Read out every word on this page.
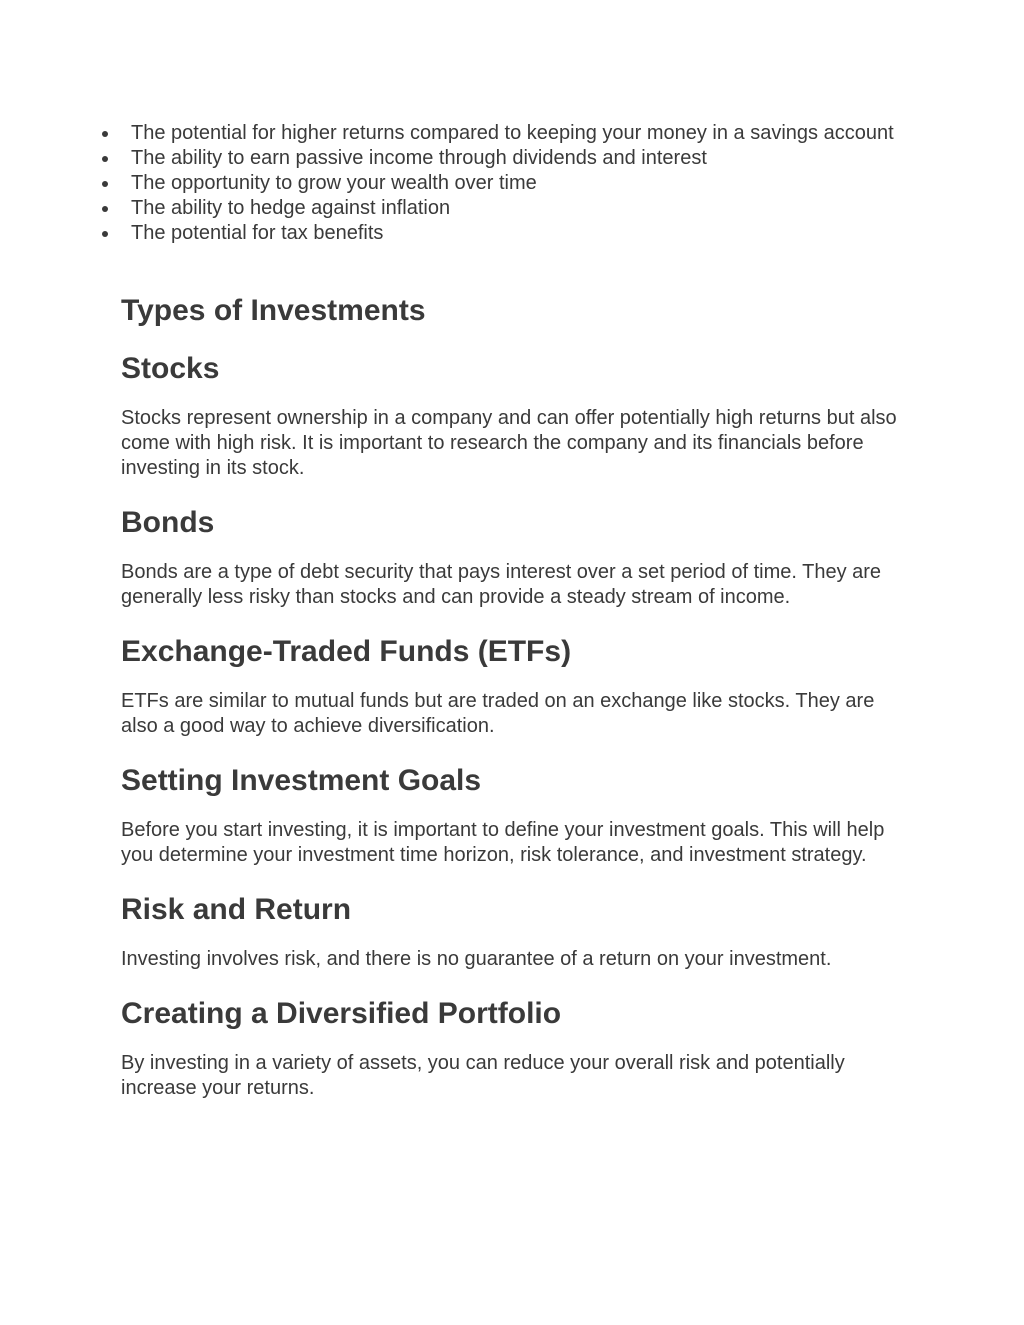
The potential for higher returns compared to keeping your money in a savings account
The ability to earn passive income through dividends and interest
The opportunity to grow your wealth over time
The ability to hedge against inflation
The potential for tax benefits
Types of Investments
Stocks

Stocks represent ownership in a company and can offer potentially high returns but also come with high risk. It is important to research the company and its financials before investing in its stock.

Bonds

Bonds are a type of debt security that pays interest over a set period of time. They are generally less risky than stocks and can provide a steady stream of income.

Exchange-Traded Funds (ETFs)

ETFs are similar to mutual funds but are traded on an exchange like stocks. They are also a good way to achieve diversification.

Setting Investment Goals

Before you start investing, it is important to define your investment goals. This will help you determine your investment time horizon, risk tolerance, and investment strategy.

Risk and Return

Investing involves risk, and there is no guarantee of a return on your investment.

Creating a Diversified Portfolio

By investing in a variety of assets, you can reduce your overall risk and potentially increase your returns.
